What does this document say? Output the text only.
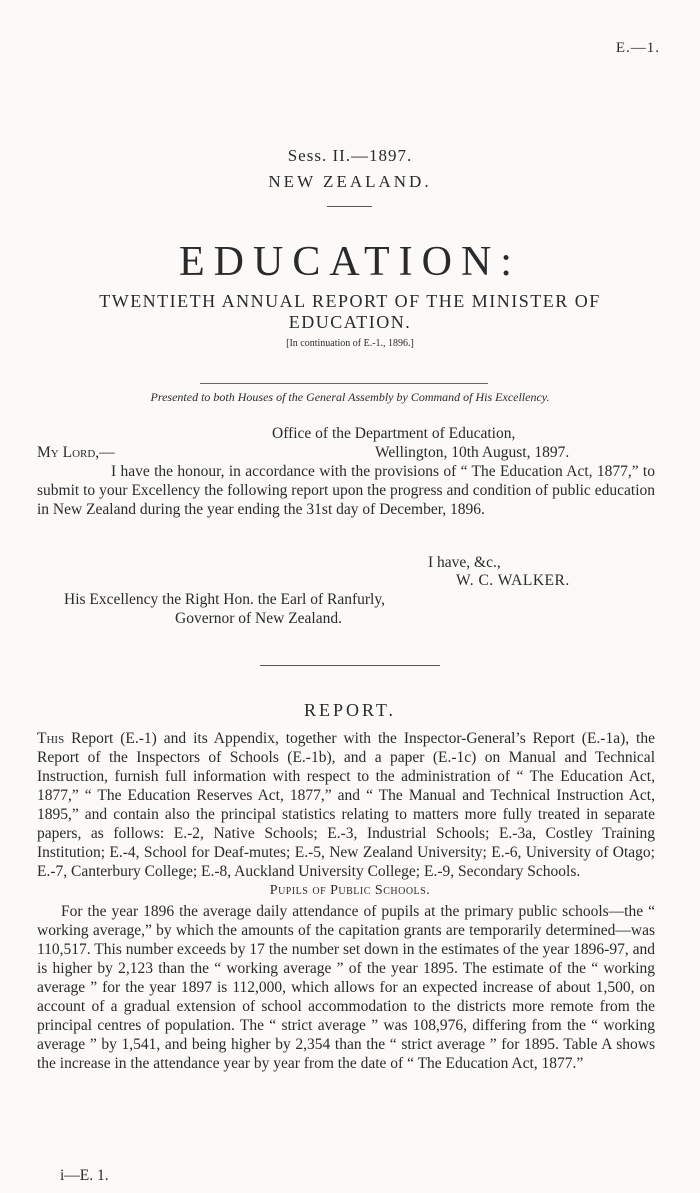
E.—1.
Sess. II.—1897.
NEW ZEALAND.
EDUCATION:
TWENTIETH ANNUAL REPORT OF THE MINISTER OF
EDUCATION.
[In continuation of E.-1., 1896.]
Presented to both Houses of the General Assembly by Command of His Excellency.
Office of the Department of Education,
My Lord,—	Wellington, 10th August, 1897.
I have the honour, in accordance with the provisions of “ The Education Act, 1877,” to submit to your Excellency the following report upon the progress and condition of public education in New Zealand during the year ending the 31st day of December, 1896.
I have, &c.,
W. C. WALKER.
His Excellency the Right Hon. the Earl of Ranfurly,
Governor of New Zealand.
REPORT.
This Report (E.-1) and its Appendix, together with the Inspector-General’s Report (E.-1a), the Report of the Inspectors of Schools (E.-1b), and a paper (E.-1c) on Manual and Technical Instruction, furnish full information with respect to the administration of “ The Education Act, 1877,” “ The Education Reserves Act, 1877,” and “ The Manual and Technical Instruction Act, 1895,” and contain also the principal statistics relating to matters more fully treated in separate papers, as follows: E.-2, Native Schools; E.-3, Industrial Schools; E.-3a, Costley Training Institution; E.-4, School for Deaf-mutes; E.-5, New Zealand University; E.-6, University of Otago; E.-7, Canterbury College; E.-8, Auckland University College; E.-9, Secondary Schools.
Pupils of Public Schools.
For the year 1896 the average daily attendance of pupils at the primary public schools—the “ working average,” by which the amounts of the capitation grants are temporarily determined—was 110,517. This number exceeds by 17 the number set down in the estimates of the year 1896-97, and is higher by 2,123 than the “ working average ” of the year 1895. The estimate of the “ working average ” for the year 1897 is 112,000, which allows for an expected increase of about 1,500, on account of a gradual extension of school accommodation to the districts more remote from the principal centres of population. The “ strict average ” was 108,976, differing from the “ working average ” by 1,541, and being higher by 2,354 than the “ strict average ” for 1895. Table A shows the increase in the attendance year by year from the date of “ The Education Act, 1877.”
i—E. 1.
